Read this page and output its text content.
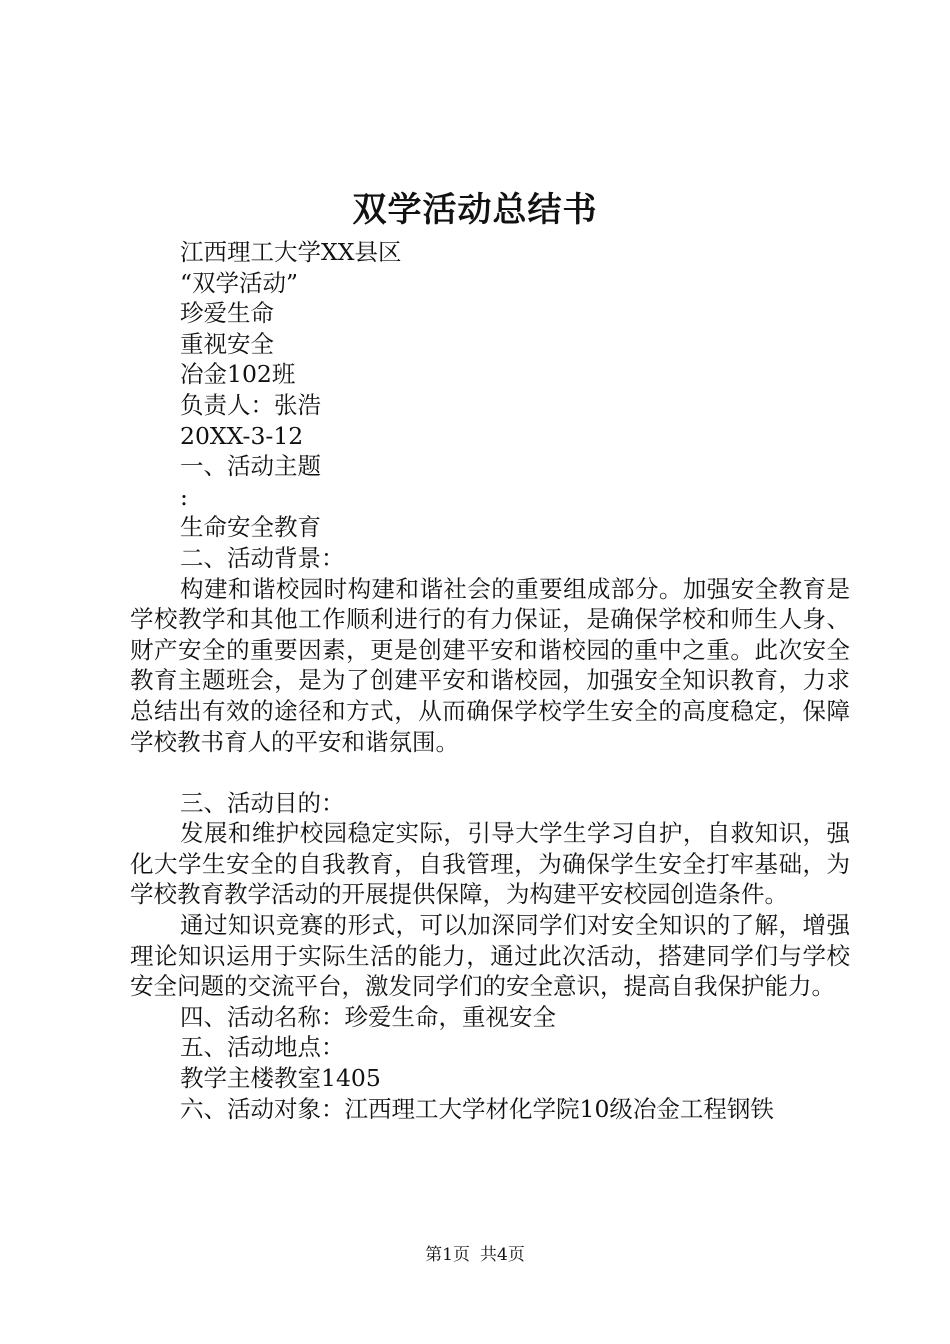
双学活动总结书
江西理工大学XX县区
“双学活动”
珍爱生命
重视安全
冶金102班
负责人：张浩
20XX-3-12
一、活动主题
:
生命安全教育
二、活动背景：

构建和谐校园时构建和谐社会的重要组成部分。加强安全教育是学校教学和其他工作顺利进行的有力保证，是确保学校和师生人身、财产安全的重要因素，更是创建平安和谐校园的重中之重。此次安全教育主题班会，是为了创建平安和谐校园，加强安全知识教育，力求总结出有效的途径和方式，从而确保学校学生安全的高度稳定，保障学校教书育人的平安和谐氛围。

三、活动目的：

发展和维护校园稳定实际，引导大学生学习自护，自救知识，强化大学生安全的自我教育，自我管理，为确保学生安全打牢基础，为学校教育教学活动的开展提供保障，为构建平安校园创造条件。

通过知识竞赛的形式，可以加深同学们对安全知识的了解，增强理论知识运用于实际生活的能力，通过此次活动，搭建同学们与学校安全问题的交流平台，激发同学们的安全意识，提高自我保护能力。

四、活动名称：珍爱生命，重视安全
五、活动地点：
教学主楼教室1405
六、活动对象：江西理工大学材化学院10级冶金工程钢铁
第1页 共4页
